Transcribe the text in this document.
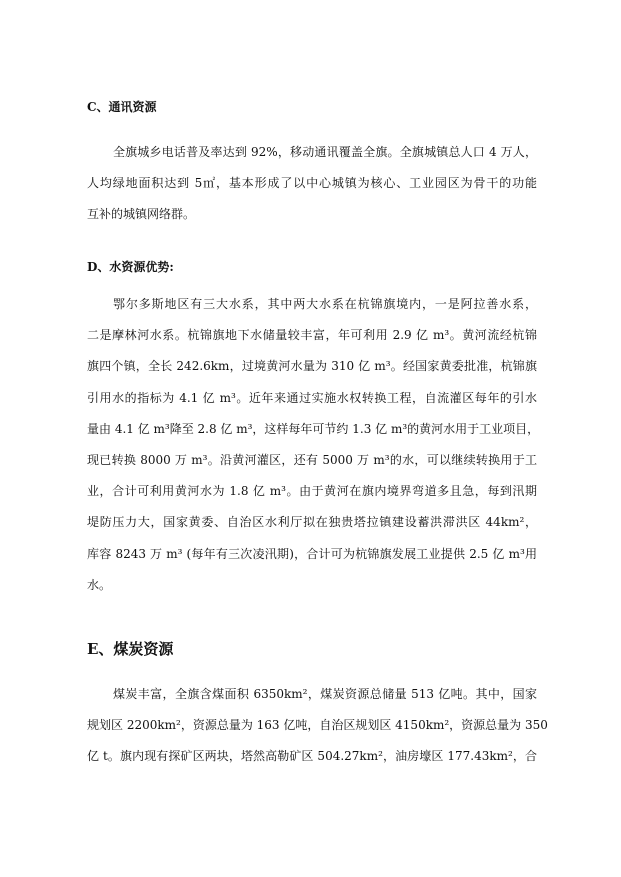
C、通讯资源

全旗城乡电话普及率达到 92%，移动通讯覆盖全旗。全旗城镇总人口 4 万人，
人均绿地面积达到 5㎡，基本形成了以中心城镇为核心、工业园区为骨干的功能
互补的城镇网络群。

D、水资源优势:

鄂尔多斯地区有三大水系，其中两大水系在杭锦旗境内，一是阿拉善水系，
二是摩林河水系。杭锦旗地下水储量较丰富，年可利用 2.9 亿 m³。黄河流经杭锦
旗四个镇，全长 242.6km，过境黄河水量为 310 亿 m³。经国家黄委批准，杭锦旗
引用水的指标为 4.1 亿 m³。近年来通过实施水权转换工程，自流灌区每年的引水
量由 4.1 亿 m³降至 2.8 亿 m³，这样每年可节约 1.3 亿 m³的黄河水用于工业项目，
现已转换 8000 万 m³。沿黄河灌区，还有 5000 万 m³的水，可以继续转换用于工
业，合计可利用黄河水为 1.8 亿 m³。由于黄河在旗内境界弯道多且急，每到汛期
堤防压力大，国家黄委、自治区水利厅拟在独贵塔拉镇建设蓄洪滞洪区 44km²，
库容 8243 万 m³ (每年有三次凌汛期)，合计可为杭锦旗发展工业提供 2.5 亿 m³用
水。

E、煤炭资源

煤炭丰富，全旗含煤面积 6350km²，煤炭资源总储量 513 亿吨。其中，国家
规划区 2200km²，资源总量为 163 亿吨，自治区规划区 4150km²，资源总量为 350
亿 t。旗内现有探矿区两块，塔然高勒矿区 504.27km²，油房壕区 177.43km²，合
